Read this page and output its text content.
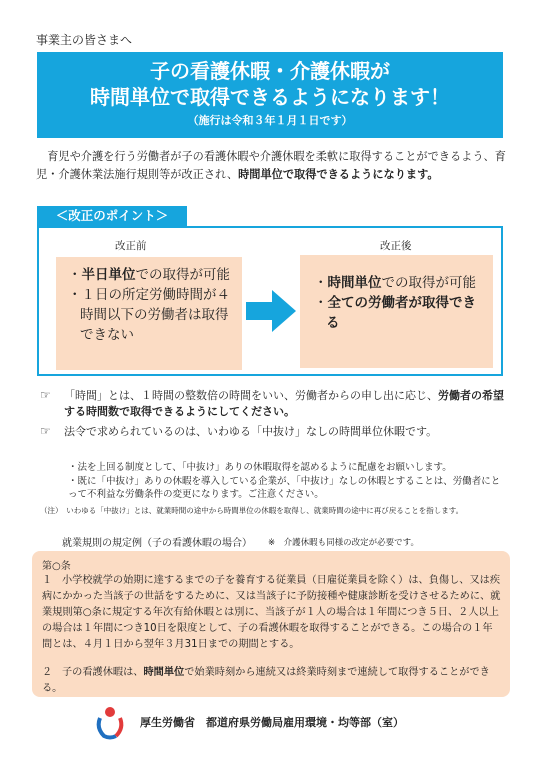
事業主の皆さまへ
子の看護休暇・介護休暇が
時間単位で取得できるようになります！
（施行は令和３年１月１日です）
　育児や介護を行う労働者が子の看護休暇や介護休暇を柔軟に取得することができるよう、育児・介護休業法施行規則等が改正され、時間単位で取得できるようになります。
＜改正のポイント＞
改正前	改正後
・半日単位での取得が可能
・１日の所定労働時間が４時間以下の労働者は取得できない
・時間単位での取得が可能
・全ての労働者が取得できる
☞ 「時間」とは、１時間の整数倍の時間をいい、労働者からの申し出に応じ、労働者の希望する時間数で取得できるようにしてください。
☞ 法令で求められているのは、いわゆる「中抜け」なしの時間単位休暇です。
・法を上回る制度として、「中抜け」ありの休暇取得を認めるように配慮をお願いします。
・既に「中抜け」ありの休暇を導入している企業が、「中抜け」なしの休暇とすることは、労働者にとって不利益な労働条件の変更になります。ご注意ください。
（注）　いわゆる「中抜け」とは、就業時間の途中から時間単位の休暇を取得し、就業時間の途中に再び戻ることを指します。
就業規則の規定例（子の看護休暇の場合） ※　介護休暇も同様の改定が必要です。
第○条
１ 小学校就学の始期に達するまでの子を養育する従業員（日雇従業員を除く）は、負傷し、又は疾病にかかった当該子の世話をするために、又は当該子に予防接種や健康診断を受けさせるために、就業規則第○条に規定する年次有給休暇とは別に、当該子が１人の場合は１年間につき５日、２人以上の場合は１年間につき10日を限度として、子の看護休暇を取得することができる。この場合の１年間とは、４月１日から翌年３月31日までの期間とする。
２ 子の看護休暇は、時間単位で始業時刻から連続又は終業時刻まで連続して取得することができる。
厚生労働省　都道府県労働局雇用環境・均等部（室）
